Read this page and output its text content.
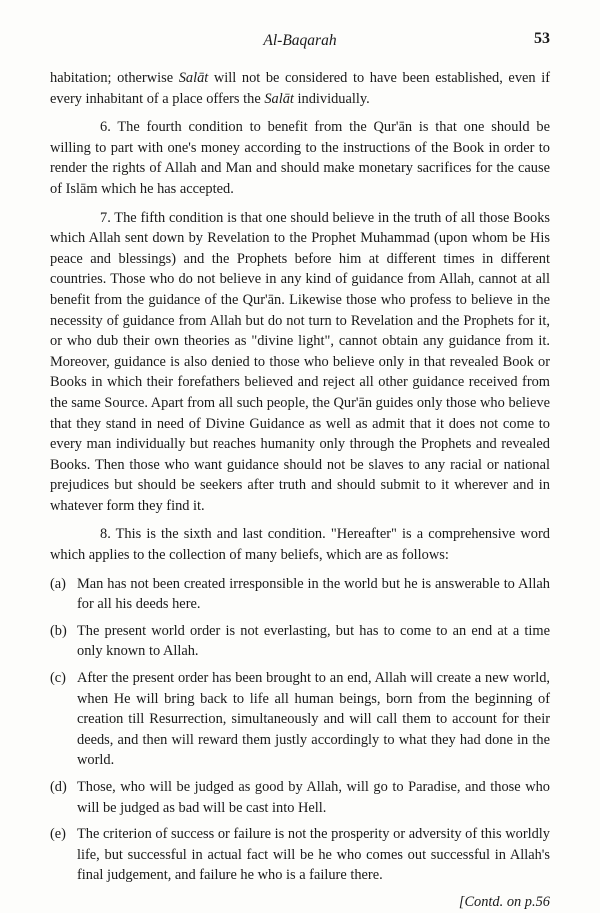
Al-Baqarah	53

habitation; otherwise Salāt will not be considered to have been established, even if every inhabitant of a place offers the Salāt individually.

6. The fourth condition to benefit from the Qur'ān is that one should be willing to part with one's money according to the instructions of the Book in order to render the rights of Allah and Man and should make monetary sacrifices for the cause of Islām which he has accepted.

7. The fifth condition is that one should believe in the truth of all those Books which Allah sent down by Revelation to the Prophet Muhammad (upon whom be His peace and blessings) and the Prophets before him at different times in different countries. Those who do not believe in any kind of guidance from Allah, cannot at all benefit from the guidance of the Qur'ān. Likewise those who profess to believe in the necessity of guidance from Allah but do not turn to Revelation and the Prophets for it, or who dub their own theories as "divine light", cannot obtain any guidance from it. Moreover, guidance is also denied to those who believe only in that revealed Book or Books in which their forefathers believed and reject all other guidance received from the same Source. Apart from all such people, the Qur'ān guides only those who believe that they stand in need of Divine Guidance as well as admit that it does not come to every man individually but reaches humanity only through the Prophets and revealed Books. Then those who want guidance should not be slaves to any racial or national prejudices but should be seekers after truth and should submit to it wherever and in whatever form they find it.

8. This is the sixth and last condition. "Hereafter" is a comprehensive word which applies to the collection of many beliefs, which are as follows:

(a) Man has not been created irresponsible in the world but he is answerable to Allah for all his deeds here.
(b) The present world order is not everlasting, but has to come to an end at a time only known to Allah.
(c) After the present order has been brought to an end, Allah will create a new world, when He will bring back to life all human beings, born from the beginning of creation till Resurrection, simultaneously and will call them to account for their deeds, and then will reward them justly accordingly to what they had done in the world.
(d) Those, who will be judged as good by Allah, will go to Paradise, and those who will be judged as bad will be cast into Hell.
(e) The criterion of success or failure is not the prosperity or adversity of this worldly life, but successful in actual fact will be he who comes out successful in Allah's final judgement, and failure he who is a failure there.
[Contd. on p.56
